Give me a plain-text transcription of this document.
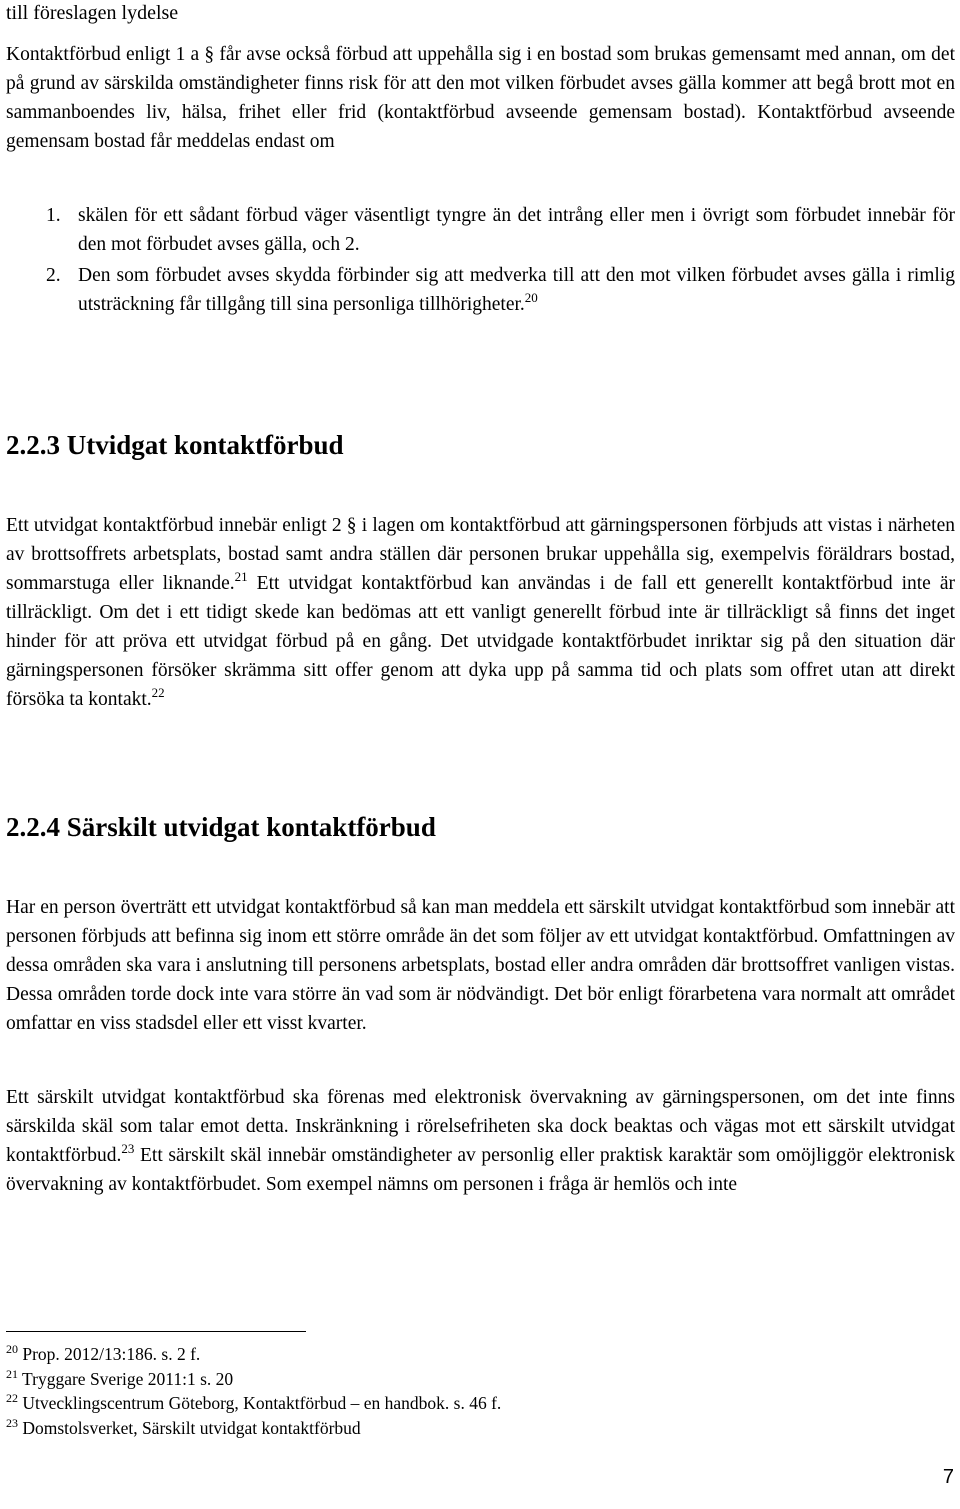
till föreslagen lydelse

Kontaktförbud enligt 1 a § får avse också förbud att uppehålla sig i en bostad som brukas gemensamt med annan, om det på grund av särskilda omständigheter finns risk för att den mot vilken förbudet avses gälla kommer att begå brott mot en sammanboendes liv, hälsa, frihet eller frid (kontaktförbud avseende gemensam bostad). Kontaktförbud avseende gemensam bostad får meddelas endast om

1. skälen för ett sådant förbud väger väsentligt tyngre än det intrång eller men i övrigt som förbudet innebär för den mot förbudet avses gälla, och 2.
2. Den som förbudet avses skydda förbinder sig att medverka till att den mot vilken förbudet avses gälla i rimlig utsträckning får tillgång till sina personliga tillhörigheter.$^{20}$
2.2.3 Utvidgat kontaktförbud

Ett utvidgat kontaktförbud innebär enligt 2 § i lagen om kontaktförbud att gärningspersonen förbjuds att vistas i närheten av brottsoffrets arbetsplats, bostad samt andra ställen där personen brukar uppehålla sig, exempelvis föräldrars bostad, sommarstuga eller liknande.$^{21}$ Ett utvidgat kontaktförbud kan användas i de fall ett generellt kontaktförbud inte är tillräckligt. Om det i ett tidigt skede kan bedömas att ett vanligt generellt förbud inte är tillräckligt så finns det inget hinder för att pröva ett utvidgat förbud på en gång. Det utvidgade kontaktförbudet inriktar sig på den situation där gärningspersonen försöker skrämma sitt offer genom att dyka upp på samma tid och plats som offret utan att direkt försöka ta kontakt.$^{22}$

2.2.4 Särskilt utvidgat kontaktförbud

Har en person överträtt ett utvidgat kontaktförbud så kan man meddela ett särskilt utvidgat kontaktförbud som innebär att personen förbjuds att befinna sig inom ett större område än det som följer av ett utvidgat kontaktförbud. Omfattningen av dessa områden ska vara i anslutning till personens arbetsplats, bostad eller andra områden där brottsoffret vanligen vistas. Dessa områden torde dock inte vara större än vad som är nödvändigt. Det bör enligt förarbetena vara normalt att området omfattar en viss stadsdel eller ett visst kvarter.

Ett särskilt utvidgat kontaktförbud ska förenas med elektronisk övervakning av gärningspersonen, om det inte finns särskilda skäl som talar emot detta. Inskränkning i rörelsefriheten ska dock beaktas och vägas mot ett särskilt utvidgat kontaktförbud.$^{23}$ Ett särskilt skäl innebär omständigheter av personlig eller praktisk karaktär som omöjliggör elektronisk övervakning av kontaktförbudet. Som exempel nämns om personen i fråga är hemlös och inte

$^{20}$ Prop. 2012/13:186. s. 2 f.

$^{21}$ Tryggare Sverige 2011:1 s. 20

$^{22}$ Utvecklingscentrum Göteborg, Kontaktförbud – en handbok. s. 46 f.

$^{23}$ Domstolsverket, Särskilt utvidgat kontaktförbud

7
